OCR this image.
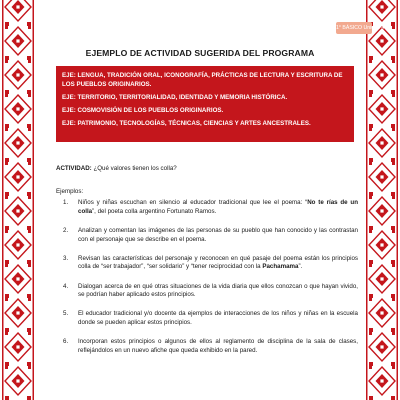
1° BÁSICO Unidad 4
EJEMPLO DE ACTIVIDAD SUGERIDA DEL PROGRAMA

EJE: LENGUA, TRADICIÓN ORAL, ICONOGRAFÍA, PRÁCTICAS DE LECTURA Y ESCRITURA DE LOS PUEBLOS ORIGINARIOS.

EJE: TERRITORIO, TERRITORIALIDAD, IDENTIDAD Y MEMORIA HISTÓRICA.

EJE: COSMOVISIÓN DE LOS PUEBLOS ORIGINARIOS.

EJE: PATRIMONIO, TECNOLOGÍAS, TÉCNICAS, CIENCIAS Y ARTES ANCESTRALES.

ACTIVIDAD: ¿Qué valores tienen los colla?

Ejemplos:

1. Niños y niñas escuchan en silencio al educador tradicional que lee el poema: “No te rías de un colla”, del poeta colla argentino Fortunato Ramos.
2. Analizan y comentan las imágenes de las personas de su pueblo que han conocido y las contrastan con el personaje que se describe en el poema.
3. Revisan las características del personaje y reconocen en qué pasaje del poema están los principios colla de “ser trabajador”, “ser solidario” y “tener reciprocidad con la Pachamama”.
4. Dialogan acerca de en qué otras situaciones de la vida diaria que ellos conozcan o que hayan vivido, se podrían haber aplicado estos principios.
5. El educador tradicional y/o docente da ejemplos de interacciones de los niños y niñas en la escuela donde se pueden aplicar estos principios.
6. Incorporan estos principios o algunos de ellos al reglamento de disciplina de la sala de clases, reflejándolos en un nuevo afiche que queda exhibido en la pared.
